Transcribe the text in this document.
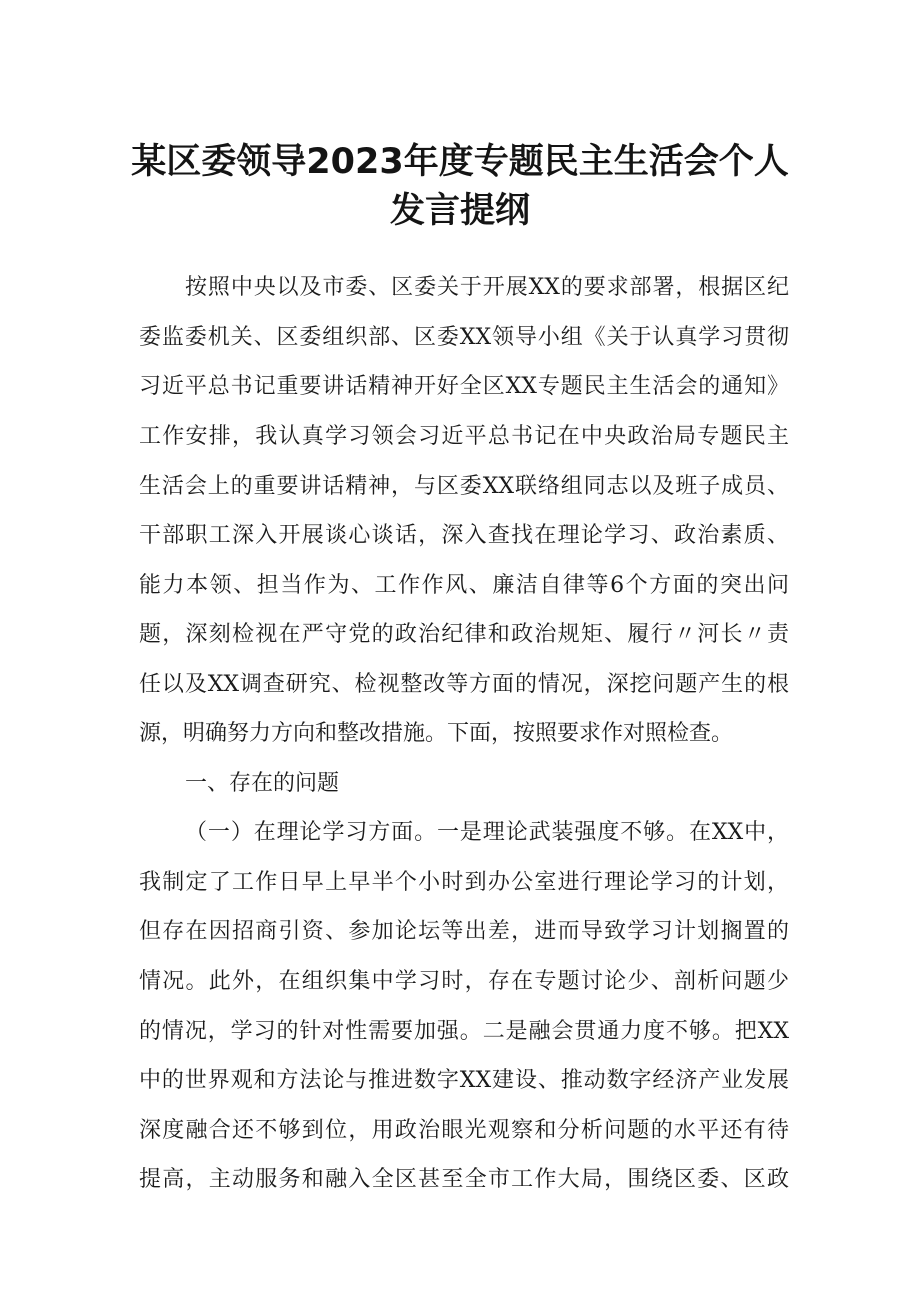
某区委领导2023年度专题民主生活会个人
发言提纲
按照中央以及市委、区委关于开展XX的要求部署，根据区纪
委监委机关、区委组织部、区委XX领导小组《关于认真学习贯彻
习近平总书记重要讲话精神开好全区XX专题民主生活会的通知》
工作安排，我认真学习领会习近平总书记在中央政治局专题民主
生活会上的重要讲话精神，与区委XX联络组同志以及班子成员、
干部职工深入开展谈心谈话，深入查找在理论学习、政治素质、
能力本领、担当作为、工作作风、廉洁自律等6个方面的突出问
题，深刻检视在严守党的政治纪律和政治规矩、履行〃河长〃责
任以及XX调查研究、检视整改等方面的情况，深挖问题产生的根
源，明确努力方向和整改措施。下面，按照要求作对照检查。
一、存在的问题
（一）在理论学习方面。一是理论武装强度不够。在XX中，
我制定了工作日早上早半个小时到办公室进行理论学习的计划，
但存在因招商引资、参加论坛等出差，进而导致学习计划搁置的
情况。此外，在组织集中学习时，存在专题讨论少、剖析问题少
的情况，学习的针对性需要加强。二是融会贯通力度不够。把XX
中的世界观和方法论与推进数字XX建设、推动数字经济产业发展
深度融合还不够到位，用政治眼光观察和分析问题的水平还有待
提高，主动服务和融入全区甚至全市工作大局，围绕区委、区政
